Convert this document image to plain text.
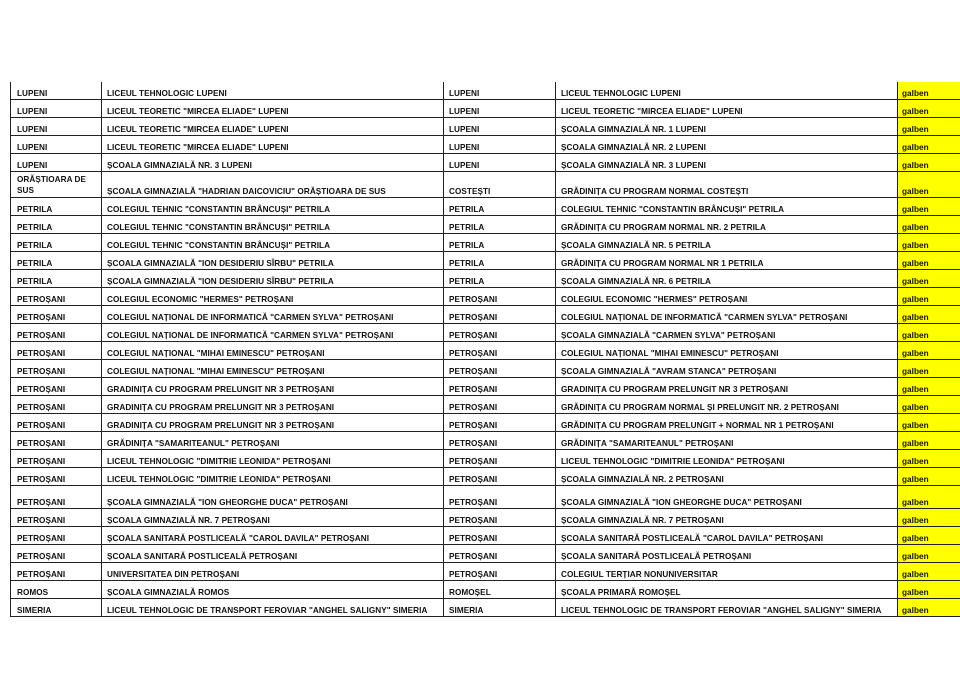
LUPENI	LICEUL TEHNOLOGIC LUPENI	LUPENI	LICEUL TEHNOLOGIC LUPENI	galben
LUPENI	LICEUL TEORETIC "MIRCEA ELIADE" LUPENI	LUPENI	LICEUL TEORETIC "MIRCEA ELIADE" LUPENI	galben
LUPENI	LICEUL TEORETIC "MIRCEA ELIADE" LUPENI	LUPENI	ȘCOALA GIMNAZIALĂ NR. 1 LUPENI	galben
LUPENI	LICEUL TEORETIC "MIRCEA ELIADE" LUPENI	LUPENI	ȘCOALA GIMNAZIALĂ NR. 2 LUPENI	galben
LUPENI	ȘCOALA GIMNAZIALĂ NR. 3 LUPENI	LUPENI	ȘCOALA GIMNAZIALĂ NR. 3 LUPENI	galben
ORĂȘTIOARA DE SUS	ȘCOALA GIMNAZIALĂ "HADRIAN DAICOVICIU" ORĂȘTIOARA DE SUS	COSTEȘTI	GRĂDINIȚA CU PROGRAM NORMAL COSTEȘTI	galben
PETRILA	COLEGIUL TEHNIC "CONSTANTIN BRÂNCUȘI" PETRILA	PETRILA	COLEGIUL TEHNIC "CONSTANTIN BRÂNCUȘI" PETRILA	galben
PETRILA	COLEGIUL TEHNIC "CONSTANTIN BRÂNCUȘI" PETRILA	PETRILA	GRĂDINIȚA CU PROGRAM NORMAL NR. 2 PETRILA	galben
PETRILA	COLEGIUL TEHNIC "CONSTANTIN BRÂNCUȘI" PETRILA	PETRILA	ȘCOALA GIMNAZIALĂ NR. 5 PETRILA	galben
PETRILA	ȘCOALA GIMNAZIALĂ "ION DESIDERIU SÎRBU" PETRILA	PETRILA	GRĂDINIȚA CU PROGRAM NORMAL NR 1 PETRILA	galben
PETRILA	ȘCOALA GIMNAZIALĂ "ION DESIDERIU SÎRBU" PETRILA	PETRILA	ȘCOALA GIMNAZIALĂ NR. 6 PETRILA	galben
PETROȘANI	COLEGIUL ECONOMIC "HERMES" PETROȘANI	PETROȘANI	COLEGIUL ECONOMIC "HERMES" PETROȘANI	galben
PETROȘANI	COLEGIUL NAȚIONAL DE INFORMATICĂ "CARMEN SYLVA" PETROȘANI	PETROȘANI	COLEGIUL NAȚIONAL DE INFORMATICĂ "CARMEN SYLVA" PETROȘANI	galben
PETROȘANI	COLEGIUL NAȚIONAL DE INFORMATICĂ "CARMEN SYLVA" PETROȘANI	PETROȘANI	ȘCOALA GIMNAZIALĂ "CARMEN SYLVA" PETROȘANI	galben
PETROȘANI	COLEGIUL NAȚIONAL "MIHAI EMINESCU" PETROȘANI	PETROȘANI	COLEGIUL NAȚIONAL "MIHAI EMINESCU" PETROȘANI	galben
PETROȘANI	COLEGIUL NAȚIONAL "MIHAI EMINESCU" PETROȘANI	PETROȘANI	ȘCOALA GIMNAZIALĂ "AVRAM STANCA" PETROȘANI	galben
PETROȘANI	GRADINIȚA CU PROGRAM PRELUNGIT NR 3 PETROȘANI	PETROȘANI	GRADINIȚA CU PROGRAM PRELUNGIT NR 3 PETROȘANI	galben
PETROȘANI	GRADINIȚA CU PROGRAM PRELUNGIT NR 3 PETROȘANI	PETROȘANI	GRĂDINIȚA CU PROGRAM NORMAL ȘI PRELUNGIT NR. 2 PETROȘANI	galben
PETROȘANI	GRADINIȚA CU PROGRAM PRELUNGIT NR 3 PETROȘANI	PETROȘANI	GRĂDINIȚA CU PROGRAM PRELUNGIT + NORMAL NR 1 PETROȘANI	galben
PETROȘANI	GRĂDINIȚA "SAMARITEANUL" PETROȘANI	PETROȘANI	GRĂDINIȚA "SAMARITEANUL" PETROȘANI	galben
PETROȘANI	LICEUL TEHNOLOGIC "DIMITRIE LEONIDA" PETROȘANI	PETROȘANI	LICEUL TEHNOLOGIC "DIMITRIE LEONIDA" PETROȘANI	galben
PETROȘANI	LICEUL TEHNOLOGIC "DIMITRIE LEONIDA" PETROȘANI	PETROȘANI	ȘCOALA GIMNAZIALĂ NR. 2 PETROȘANI	galben
PETROȘANI	ȘCOALA GIMNAZIALĂ "ION GHEORGHE DUCA" PETROȘANI	PETROȘANI	ȘCOALA GIMNAZIALĂ "ION GHEORGHE DUCA" PETROȘANI	galben
PETROȘANI	ȘCOALA GIMNAZIALĂ NR. 7 PETROȘANI	PETROȘANI	ȘCOALA GIMNAZIALĂ NR. 7 PETROȘANI	galben
PETROȘANI	ȘCOALA SANITARĂ POSTLICEALĂ "CAROL DAVILA" PETROȘANI	PETROȘANI	ȘCOALA SANITARĂ POSTLICEALĂ "CAROL DAVILA" PETROȘANI	galben
PETROȘANI	ȘCOALA SANITARĂ POSTLICEALĂ PETROȘANI	PETROȘANI	ȘCOALA SANITARĂ POSTLICEALĂ PETROȘANI	galben
PETROȘANI	UNIVERSITATEA DIN PETROȘANI	PETROȘANI	COLEGIUL TERȚIAR NONUNIVERSITAR	galben
ROMOS	ȘCOALA GIMNAZIALĂ ROMOS	ROMOȘEL	ȘCOALA PRIMARĂ ROMOȘEL	galben
SIMERIA	LICEUL TEHNOLOGIC DE TRANSPORT FEROVIAR "ANGHEL SALIGNY" SIMERIA	SIMERIA	LICEUL TEHNOLOGIC DE TRANSPORT FEROVIAR "ANGHEL SALIGNY" SIMERIA	galben
